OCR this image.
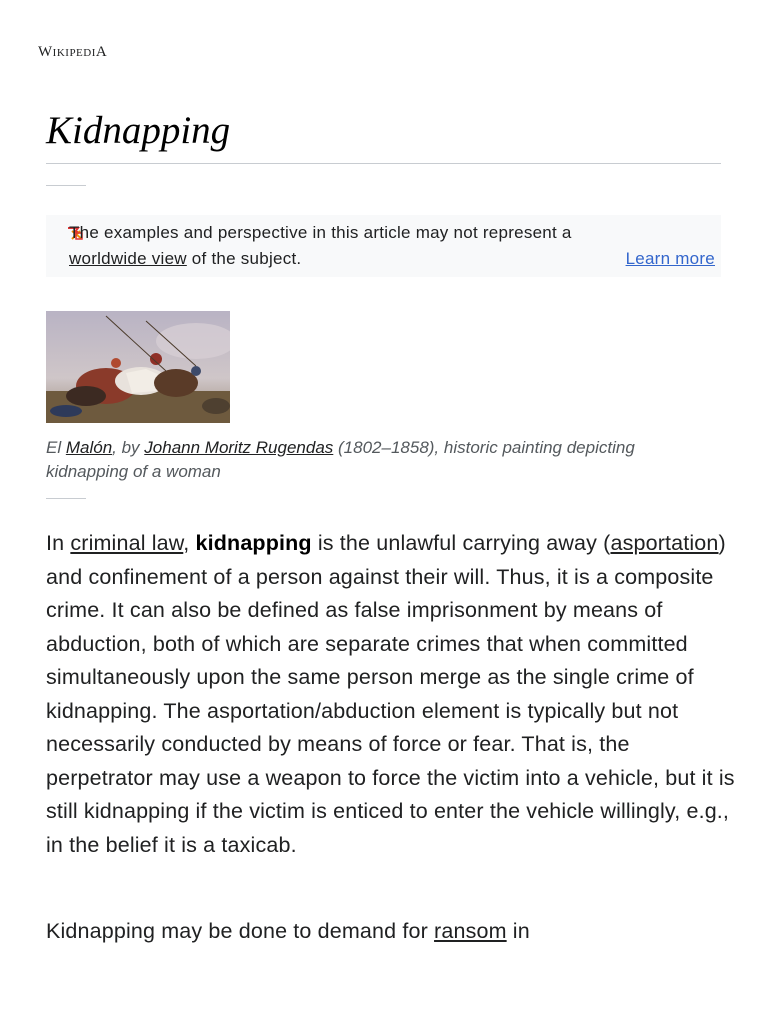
WIKIPEDIA
Kidnapping
The examples and perspective in this article may not represent a
worldwide view of the subject.	Learn more
El Malón, by Johann Moritz Rugendas (1802–1858), historic painting depicting kidnapping of a woman

In criminal law, kidnapping is the unlawful carrying away (asportation) and confinement of a person against their will. Thus, it is a composite crime. It can also be defined as false imprisonment by means of abduction, both of which are separate crimes that when committed simultaneously upon the same person merge as the single crime of kidnapping. The asportation/abduction element is typically but not necessarily conducted by means of force or fear. That is, the perpetrator may use a weapon to force the victim into a vehicle, but it is still kidnapping if the victim is enticed to enter the vehicle willingly, e.g., in the belief it is a taxicab.

Kidnapping may be done to demand for ransom in
